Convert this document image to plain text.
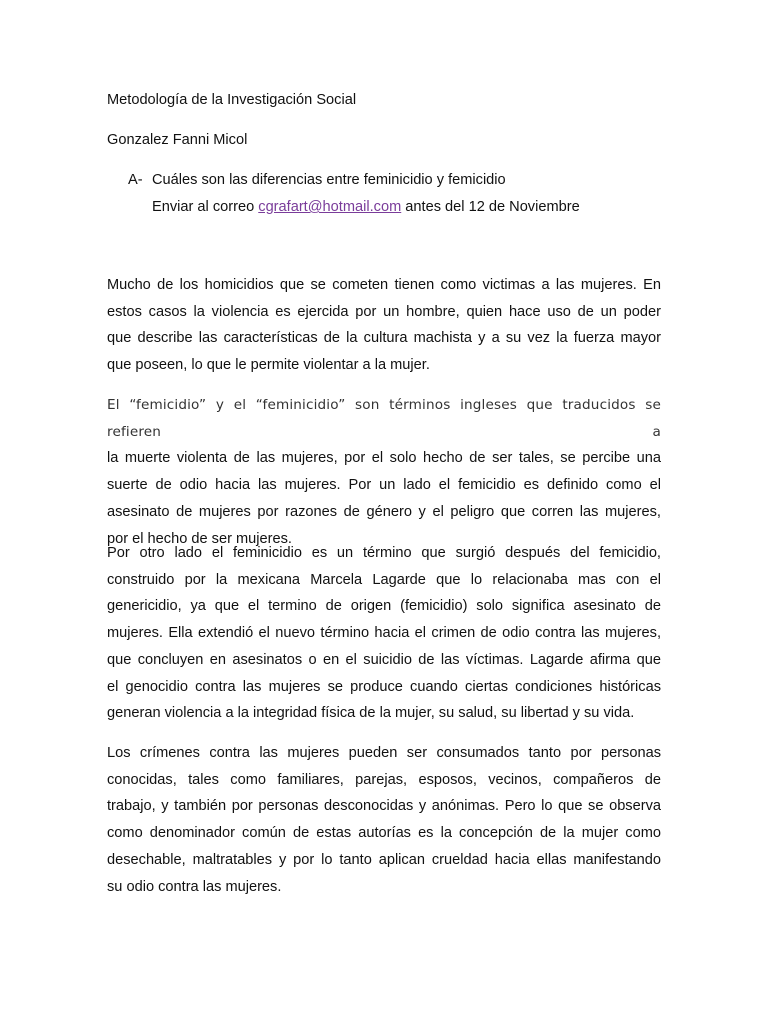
Metodología de la Investigación Social
Gonzalez Fanni Micol
A- Cuáles son las diferencias entre feminicidio y femicidio
Enviar al correo cgrafart@hotmail.com antes del 12 de Noviembre
Mucho de los homicidios que se cometen tienen como victimas a las mujeres. En
estos casos la violencia es ejercida por un hombre, quien hace uso de un poder
que describe las características de la cultura machista y a su vez la fuerza mayor
que poseen, lo que le permite violentar a la mujer.
El “femicidio” y el “feminicidio” son términos ingleses que traducidos se refieren a
la muerte violenta de las mujeres, por el solo hecho de ser tales, se percibe una
suerte de odio hacia las mujeres. Por un lado el femicidio es definido como el
asesinato de mujeres por razones de género y el peligro que corren las mujeres,
por el hecho de ser mujeres.
Por otro lado el feminicidio es un término que surgió después del femicidio,
construido por la mexicana Marcela Lagarde que lo relacionaba mas con el
genericidio, ya que el termino de origen (femicidio) solo significa asesinato de
mujeres. Ella extendió el nuevo término hacia el crimen de odio contra las mujeres,
que concluyen en asesinatos o en el suicidio de las víctimas. Lagarde afirma que
el genocidio contra las mujeres se produce cuando ciertas condiciones históricas
generan violencia a la integridad física de la mujer, su salud, su libertad y su vida.
Los crímenes contra las mujeres pueden ser consumados tanto por personas
conocidas, tales como familiares, parejas, esposos, vecinos, compañeros de
trabajo, y también por personas desconocidas y anónimas. Pero lo que se observa
como denominador común de estas autorías es la concepción de la mujer como
desechable, maltratables y por lo tanto aplican crueldad hacia ellas manifestando
su odio contra las mujeres.
